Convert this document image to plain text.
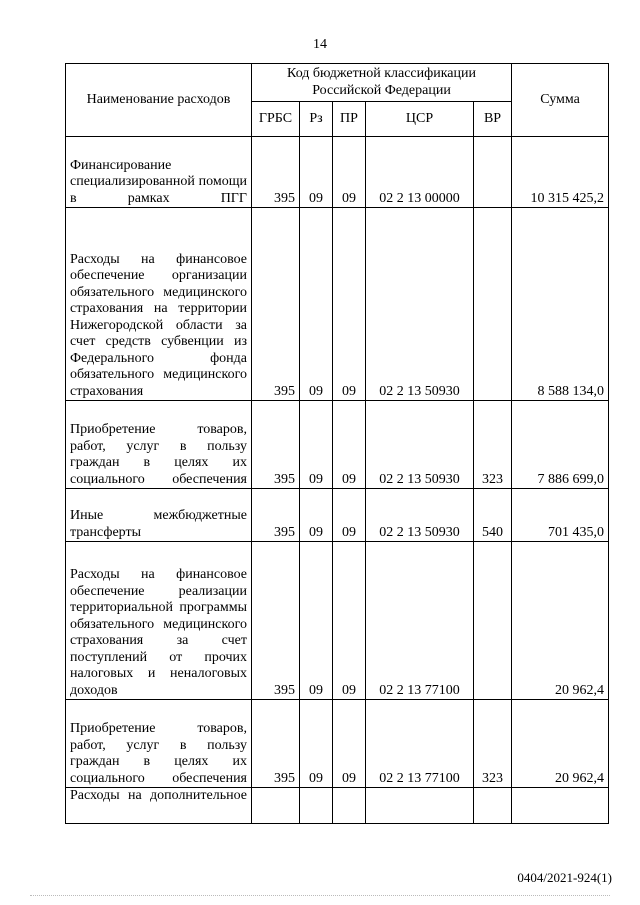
14
Наименование расходов	Код бюджетной классификации Российской Федерации					Сумма
	ГРБС	Рз	ПР	ЦСР	ВР	
Финансирование специализированной помощи в рамках ПГГ	395	09	09	02 2 13 00000		10 315 425,2
Расходы на финансовое обеспечение организации обязательного медицинского страхования на территории Нижегородской области за счет средств субвенции из Федерального фонда обязательного медицинского страхования	395	09	09	02 2 13 50930		8 588 134,0
Приобретение товаров, работ, услуг в пользу граждан в целях их социального обеспечения	395	09	09	02 2 13 50930	323	7 886 699,0
Иные межбюджетные трансферты	395	09	09	02 2 13 50930	540	701 435,0
Расходы на финансовое обеспечение реализации территориальной программы обязательного медицинского страхования за счет поступлений от прочих налоговых и неналоговых доходов	395	09	09	02 2 13 77100		20 962,4
Приобретение товаров, работ, услуг в пользу граждан в целях их социального обеспечения	395	09	09	02 2 13 77100	323	20 962,4
Расходы на дополнительное						
0404/2021-924(1)
